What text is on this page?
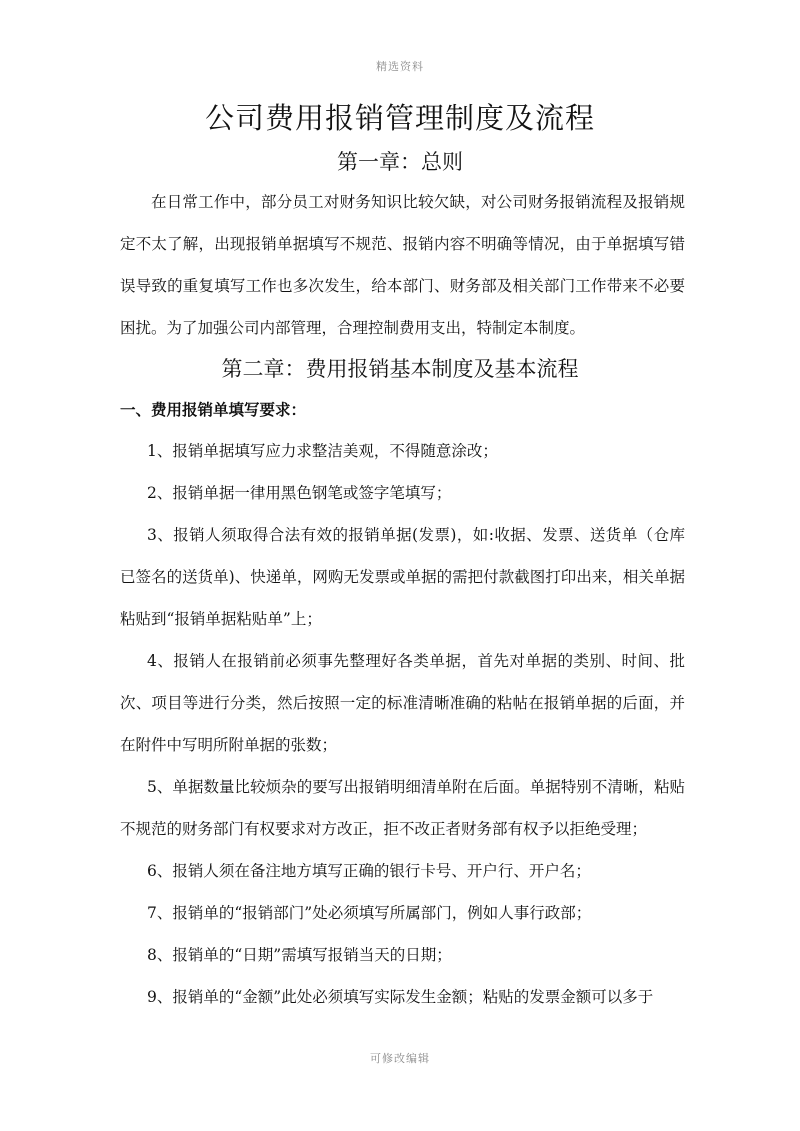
精选资料
公司费用报销管理制度及流程
第一章：总则

在日常工作中，部分员工对财务知识比较欠缺，对公司财务报销流程及报销规定不太了解，出现报销单据填写不规范、报销内容不明确等情况，由于单据填写错误导致的重复填写工作也多次发生，给本部门、财务部及相关部门工作带来不必要困扰。为了加强公司内部管理，合理控制费用支出，特制定本制度。

第二章：费用报销基本制度及基本流程

一、费用报销单填写要求：

1、报销单据填写应力求整洁美观，不得随意涂改；

2、报销单据一律用黑色钢笔或签字笔填写；

3、报销人须取得合法有效的报销单据(发票)，如:收据、发票、送货单（仓库已签名的送货单)、快递单，网购无发票或单据的需把付款截图打印出来，相关单据粘贴到“报销单据粘贴单”上；

4、报销人在报销前必须事先整理好各类单据，首先对单据的类别、时间、批次、项目等进行分类，然后按照一定的标准清晰准确的粘帖在报销单据的后面，并在附件中写明所附单据的张数；

5、单据数量比较烦杂的要写出报销明细清单附在后面。单据特别不清晰，粘贴不规范的财务部门有权要求对方改正，拒不改正者财务部有权予以拒绝受理；

6、报销人须在备注地方填写正确的银行卡号、开户行、开户名；

7、报销单的“报销部门”处必须填写所属部门，例如人事行政部；

8、报销单的“日期”需填写报销当天的日期；

9、报销单的“金额”此处必须填写实际发生金额；粘贴的发票金额可以多于

可修改编辑
